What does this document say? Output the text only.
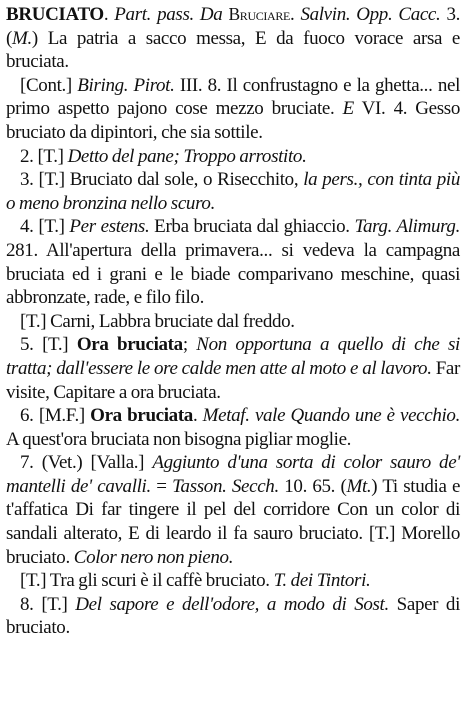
BRUCIATO. Part. pass. Da Bruciare. Salvin. Opp. Cacc. 3. (M.) La patria a sacco messa, E da fuoco vorace arsa e bruciata.

[Cont.] Biring. Pirot. III. 8. Il confrustagno e la ghetta... nel primo aspetto pajono cose mezzo bruciate. E VI. 4. Gesso bruciato da dipintori, che sia sottile.

2. [T.] Detto del pane; Troppo arrostito.

3. [T.] Bruciato dal sole, o Risecchito, la pers., con tinta più o meno bronzina nello scuro.

4. [T.] Per estens. Erba bruciata dal ghiaccio. Targ. Alimurg. 281. All'apertura della primavera... si vedeva la campagna bruciata ed i grani e le biade comparivano meschine, quasi abbronzate, rade, e filo filo.

[T.] Carni, Labbra bruciate dal freddo.

5. [T.] Ora bruciata; Non opportuna a quello di che si tratta; dall'essere le ore calde men atte al moto e al lavoro. Far visite, Capitare a ora bruciata.

6. [M.F.] Ora bruciata. Metaf. vale Quando une è vecchio. A quest'ora bruciata non bisogna pigliar moglie.

7. (Vet.) [Valla.] Aggiunto d'una sorta di color sauro de' mantelli de' cavalli. = Tasson. Secch. 10. 65. (Mt.) Ti studia e t'affatica Di far tingere il pel del corridore Con un color di sandali alterato, E di leardo il fa sauro bruciato. [T.] Morello bruciato. Color nero non pieno.

[T.] Tra gli scuri è il caffè bruciato. T. dei Tintori.

8. [T.] Del sapore e dell'odore, a modo di Sost. Saper di bruciato.
